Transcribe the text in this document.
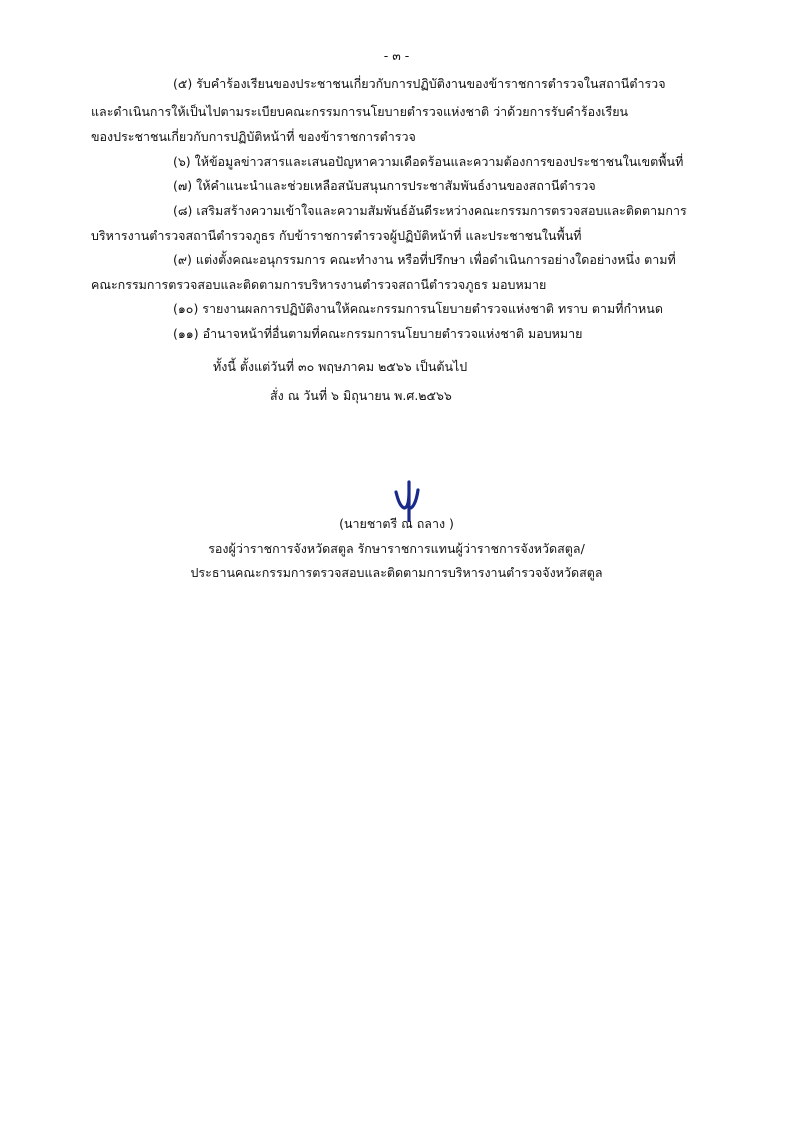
- ๓ -
(๕) รับคำร้องเรียนของประชาชนเกี่ยวกับการปฏิบัติงานของข้าราชการตำรวจในสถานีตำรวจ
และดำเนินการให้เป็นไปตามระเบียบคณะกรรมการนโยบายตำรวจแห่งชาติ ว่าด้วยการรับคำร้องเรียน
ของประชาชนเกี่ยวกับการปฏิบัติหน้าที่ ของข้าราชการตำรวจ
(๖) ให้ข้อมูลข่าวสารและเสนอปัญหาความเดือดร้อนและความต้องการของประชาชนในเขตพื้นที่
(๗) ให้คำแนะนำและช่วยเหลือสนับสนุนการประชาสัมพันธ์งานของสถานีตำรวจ
(๘) เสริมสร้างความเข้าใจและความสัมพันธ์อันดีระหว่างคณะกรรมการตรวจสอบและติดตามการ
บริหารงานตำรวจสถานีตำรวจภูธร กับข้าราชการตำรวจผู้ปฏิบัติหน้าที่ และประชาชนในพื้นที่
(๙) แต่งตั้งคณะอนุกรรมการ คณะทำงาน หรือที่ปรึกษา เพื่อดำเนินการอย่างใดอย่างหนึ่ง ตามที่
คณะกรรมการตรวจสอบและติดตามการบริหารงานตำรวจสถานีตำรวจภูธร มอบหมาย
(๑๐) รายงานผลการปฏิบัติงานให้คณะกรรมการนโยบายตำรวจแห่งชาติ ทราบ ตามที่กำหนด
(๑๑) อำนาจหน้าที่อื่นตามที่คณะกรรมการนโยบายตำรวจแห่งชาติ มอบหมาย
ทั้งนี้ ตั้งแต่วันที่ ๓๐ พฤษภาคม ๒๕๖๖ เป็นต้นไป
สั่ง ณ วันที่ ๖ มิถุนายน พ.ศ.๒๕๖๖
(นายชาตรี ณ ถลาง )
รองผู้ว่าราชการจังหวัดสตูล รักษาราชการแทนผู้ว่าราชการจังหวัดสตูล/
ประธานคณะกรรมการตรวจสอบและติดตามการบริหารงานตำรวจจังหวัดสตูล
